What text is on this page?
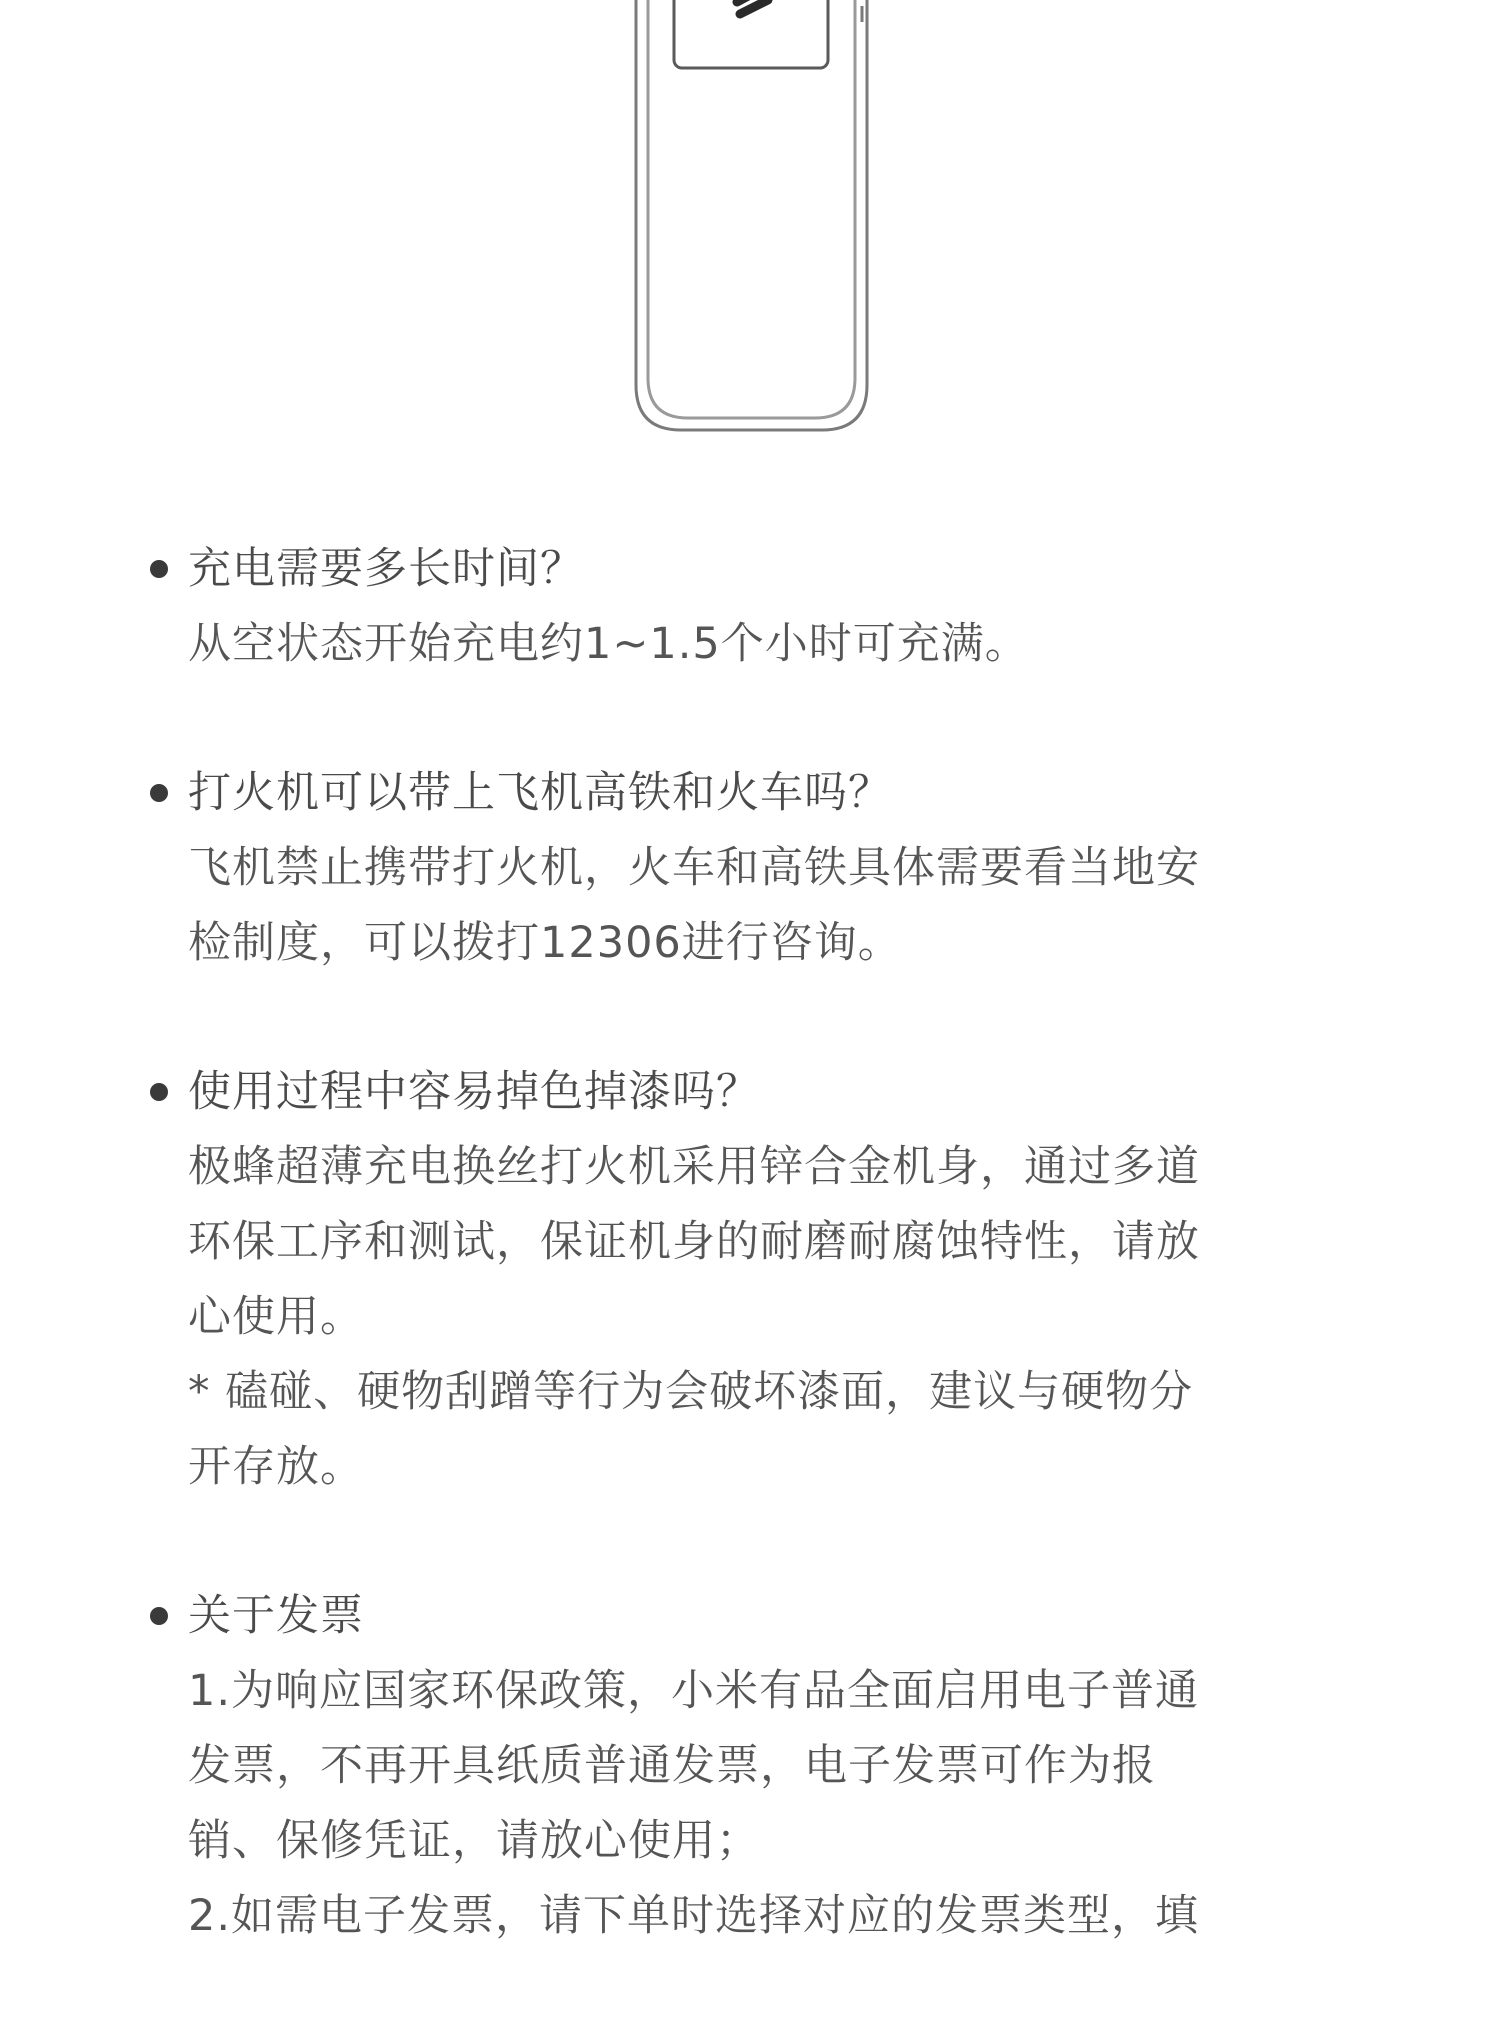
充电需要多长时间？

从空状态开始充电约1~1.5个小时可充满。

打火机可以带上飞机高铁和火车吗？

飞机禁止携带打火机，火车和高铁具体需要看当地安
检制度，可以拨打12306进行咨询。

使用过程中容易掉色掉漆吗？

极蜂超薄充电换丝打火机采用锌合金机身，通过多道
环保工序和测试，保证机身的耐磨耐腐蚀特性，请放
心使用。

* 磕碰、硬物刮蹭等行为会破坏漆面，建议与硬物分
开存放。

关于发票

1.为响应国家环保政策，小米有品全面启用电子普通
发票，不再开具纸质普通发票，电子发票可作为报
销、保修凭证，请放心使用；

2.如需电子发票，请下单时选择对应的发票类型，填
